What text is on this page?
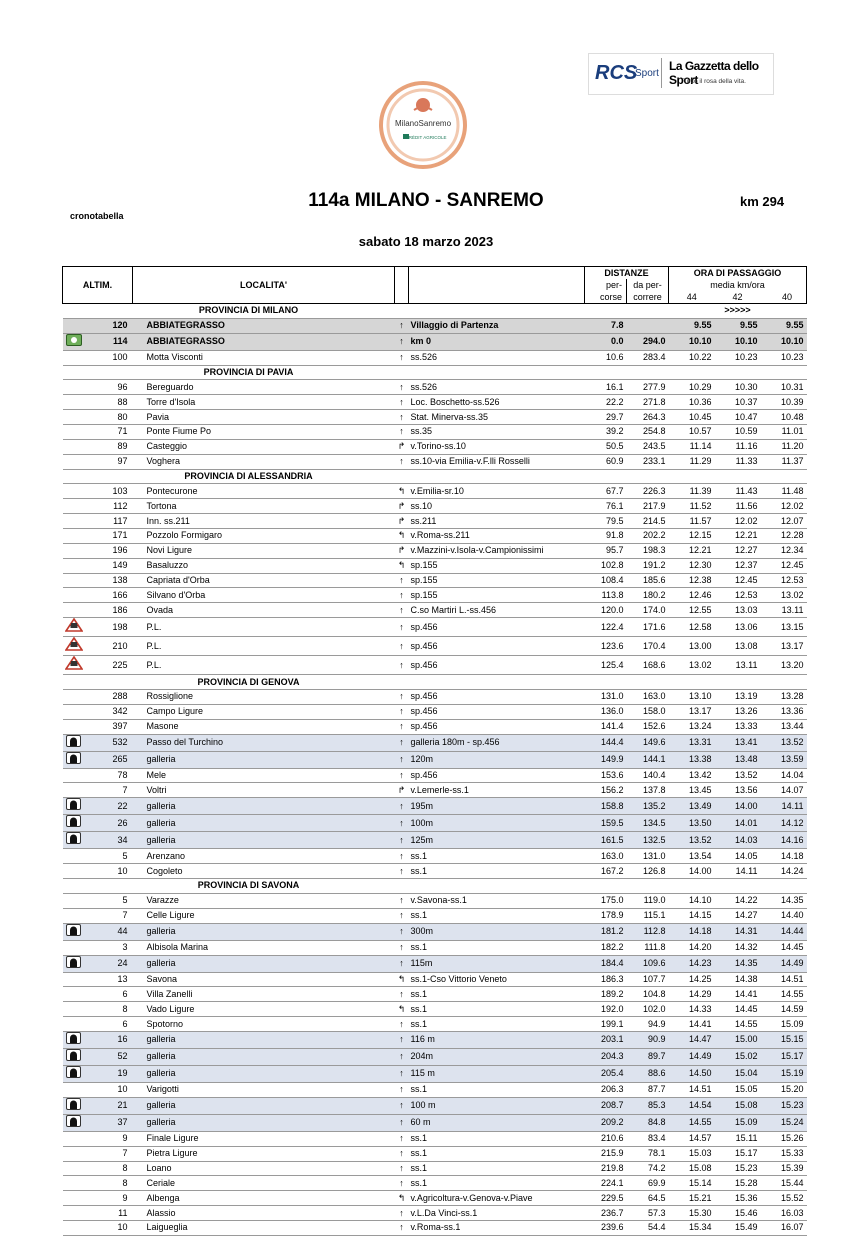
MilanoSanremo
CRÉDIT AGRICOLE
RCS
Sport
La Gazzetta dello Sport
Tutto il rosa della vita.
114a MILANO - SANREMO	km 294
cronotabella
sabato 18 marzo 2023
ALTIM.		LOCALITA'			DISTANZE		ORA DI PASSAGGIO		
					per-	da per-	media km/ora		
					corse	correre	44	42	40
		PROVINCIA DI MILANO					>>>>>		
	120	ABBIATEGRASSO	↑	Villaggio di Partenza	7.8		9.55	9.55	9.55
	114	ABBIATEGRASSO	↑	km 0	0.0	294.0	10.10	10.10	10.10
	100	Motta Visconti	↑	ss.526	10.6	283.4	10.22	10.23	10.23
		PROVINCIA DI PAVIA							
	96	Bereguardo	↑	ss.526	16.1	277.9	10.29	10.30	10.31
	88	Torre d'Isola	↑	Loc. Boschetto-ss.526	22.2	271.8	10.36	10.37	10.39
	80	Pavia	↑	Stat. Minerva-ss.35	29.7	264.3	10.45	10.47	10.48
	71	Ponte Fiume Po	↑	ss.35	39.2	254.8	10.57	10.59	11.01
	89	Casteggio	↱	v.Torino-ss.10	50.5	243.5	11.14	11.16	11.20
	97	Voghera	↑	ss.10-via Emilia-v.F.lli Rosselli	60.9	233.1	11.29	11.33	11.37
		PROVINCIA DI ALESSANDRIA							
	103	Pontecurone	↰	v.Emilia-sr.10	67.7	226.3	11.39	11.43	11.48
	112	Tortona	↱	ss.10	76.1	217.9	11.52	11.56	12.02
	117	Inn. ss.211	↱	ss.211	79.5	214.5	11.57	12.02	12.07
	171	Pozzolo Formigaro	↰	v.Roma-ss.211	91.8	202.2	12.15	12.21	12.28
	196	Novi Ligure	↱	v.Mazzini-v.Isola-v.Campionissimi	95.7	198.3	12.21	12.27	12.34
	149	Basaluzzo	↰	sp.155	102.8	191.2	12.30	12.37	12.45
	138	Capriata d'Orba	↑	sp.155	108.4	185.6	12.38	12.45	12.53
	166	Silvano d'Orba	↑	sp.155	113.8	180.2	12.46	12.53	13.02
	186	Ovada	↑	C.so Martiri L.-ss.456	120.0	174.0	12.55	13.03	13.11
	198	P.L.	↑	sp.456	122.4	171.6	12.58	13.06	13.15
	210	P.L.	↑	sp.456	123.6	170.4	13.00	13.08	13.17
	225	P.L.	↑	sp.456	125.4	168.6	13.02	13.11	13.20
		PROVINCIA DI GENOVA							
	288	Rossiglione	↑	sp.456	131.0	163.0	13.10	13.19	13.28
	342	Campo Ligure	↑	sp.456	136.0	158.0	13.17	13.26	13.36
	397	Masone	↑	sp.456	141.4	152.6	13.24	13.33	13.44
	532	Passo del Turchino	↑	galleria 180m - sp.456	144.4	149.6	13.31	13.41	13.52
	265	galleria	↑	120m	149.9	144.1	13.38	13.48	13.59
	78	Mele	↑	sp.456	153.6	140.4	13.42	13.52	14.04
	7	Voltri	↱	v.Lemerle-ss.1	156.2	137.8	13.45	13.56	14.07
	22	galleria	↑	195m	158.8	135.2	13.49	14.00	14.11
	26	galleria	↑	100m	159.5	134.5	13.50	14.01	14.12
	34	galleria	↑	125m	161.5	132.5	13.52	14.03	14.16
	5	Arenzano	↑	ss.1	163.0	131.0	13.54	14.05	14.18
	10	Cogoleto	↑	ss.1	167.2	126.8	14.00	14.11	14.24
		PROVINCIA DI SAVONA							
	5	Varazze	↑	v.Savona-ss.1	175.0	119.0	14.10	14.22	14.35
	7	Celle Ligure	↑	ss.1	178.9	115.1	14.15	14.27	14.40
	44	galleria	↑	300m	181.2	112.8	14.18	14.31	14.44
	3	Albisola Marina	↑	ss.1	182.2	111.8	14.20	14.32	14.45
	24	galleria	↑	115m	184.4	109.6	14.23	14.35	14.49
	13	Savona	↰	ss.1-Cso Vittorio Veneto	186.3	107.7	14.25	14.38	14.51
	6	Villa Zanelli	↑	ss.1	189.2	104.8	14.29	14.41	14.55
	8	Vado Ligure	↰	ss.1	192.0	102.0	14.33	14.45	14.59
	6	Spotorno	↑	ss.1	199.1	94.9	14.41	14.55	15.09
	16	galleria	↑	116 m	203.1	90.9	14.47	15.00	15.15
	52	galleria	↑	204m	204.3	89.7	14.49	15.02	15.17
	19	galleria	↑	115 m	205.4	88.6	14.50	15.04	15.19
	10	Varigotti	↑	ss.1	206.3	87.7	14.51	15.05	15.20
	21	galleria	↑	100 m	208.7	85.3	14.54	15.08	15.23
	37	galleria	↑	60 m	209.2	84.8	14.55	15.09	15.24
	9	Finale Ligure	↑	ss.1	210.6	83.4	14.57	15.11	15.26
	7	Pietra Ligure	↑	ss.1	215.9	78.1	15.03	15.17	15.33
	8	Loano	↑	ss.1	219.8	74.2	15.08	15.23	15.39
	8	Ceriale	↑	ss.1	224.1	69.9	15.14	15.28	15.44
	9	Albenga	↰	v.Agricoltura-v.Genova-v.Piave	229.5	64.5	15.21	15.36	15.52
	11	Alassio	↑	v.L.Da Vinci-ss.1	236.7	57.3	15.30	15.46	16.03
	10	Laigueglia	↑	v.Roma-ss.1	239.6	54.4	15.34	15.49	16.07
